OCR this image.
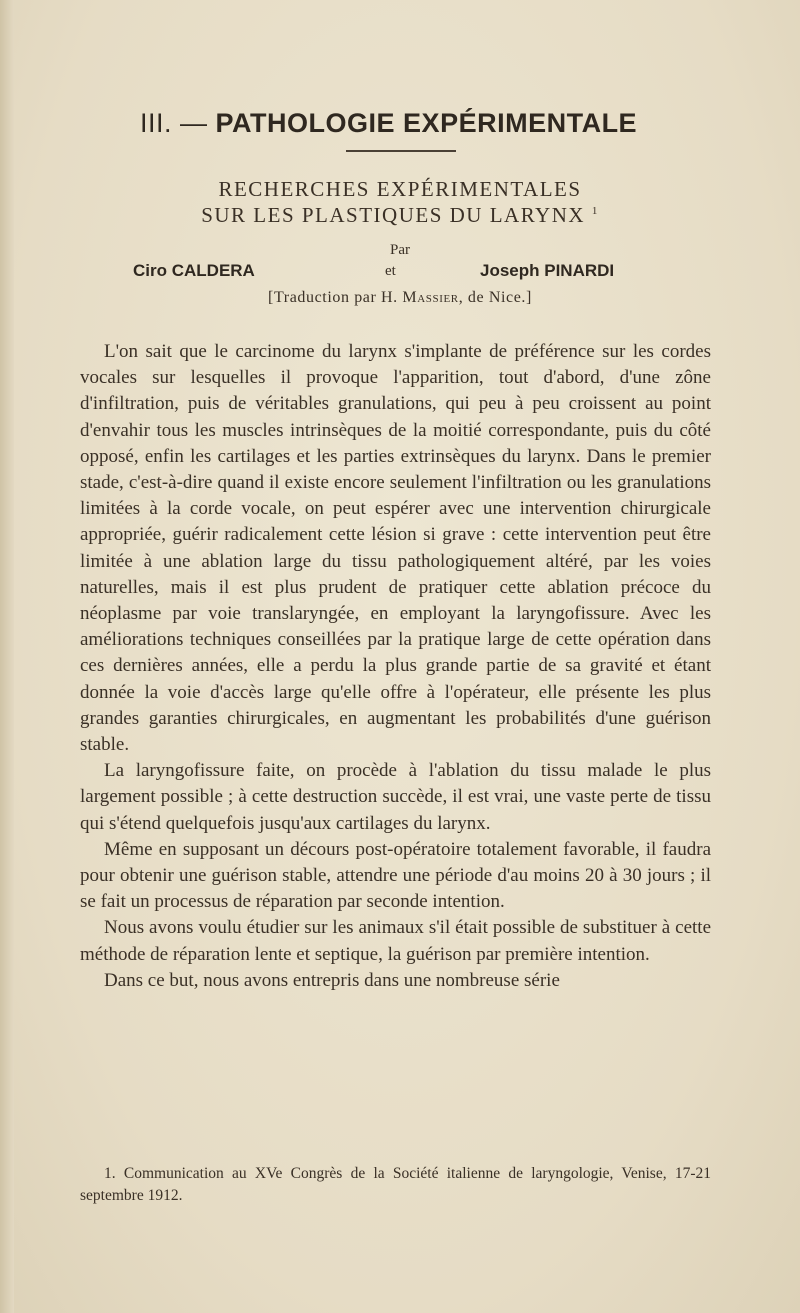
III. — PATHOLOGIE EXPÉRIMENTALE
RECHERCHES EXPÉRIMENTALES
SUR LES PLASTIQUES DU LARYNX $^1$
Par
Ciro CALDERA	et	Joseph PINARDI
[Traduction par H. Massier, de Nice.]

L'on sait que le carcinome du larynx s'implante de préférence sur les cordes vocales sur lesquelles il provoque l'apparition, tout d'abord, d'une zône d'infiltration, puis de véritables granulations, qui peu à peu croissent au point d'envahir tous les muscles intrinsèques de la moitié correspondante, puis du côté opposé, enfin les cartilages et les parties extrinsèques du larynx. Dans le premier stade, c'est-à-dire quand il existe encore seulement l'infiltration ou les granulations limitées à la corde vocale, on peut espérer avec une intervention chirurgicale appropriée, guérir radicalement cette lésion si grave : cette intervention peut être limitée à une ablation large du tissu pathologiquement altéré, par les voies naturelles, mais il est plus prudent de pratiquer cette ablation précoce du néoplasme par voie translaryngée, en employant la laryngofissure. Avec les améliorations techniques conseillées par la pratique large de cette opération dans ces dernières années, elle a perdu la plus grande partie de sa gravité et étant donnée la voie d'accès large qu'elle offre à l'opérateur, elle présente les plus grandes garanties chirurgicales, en augmentant les probabilités d'une guérison stable.

La laryngofissure faite, on procède à l'ablation du tissu malade le plus largement possible ; à cette destruction succède, il est vrai, une vaste perte de tissu qui s'étend quelquefois jusqu'aux cartilages du larynx.

Même en supposant un décours post-opératoire totalement favorable, il faudra pour obtenir une guérison stable, attendre une période d'au moins 20 à 30 jours ; il se fait un processus de réparation par seconde intention.

Nous avons voulu étudier sur les animaux s'il était possible de substituer à cette méthode de réparation lente et septique, la guérison par première intention.

Dans ce but, nous avons entrepris dans une nombreuse série

1. Communication au XVe Congrès de la Société italienne de laryngologie, Venise, 17-21 septembre 1912.
